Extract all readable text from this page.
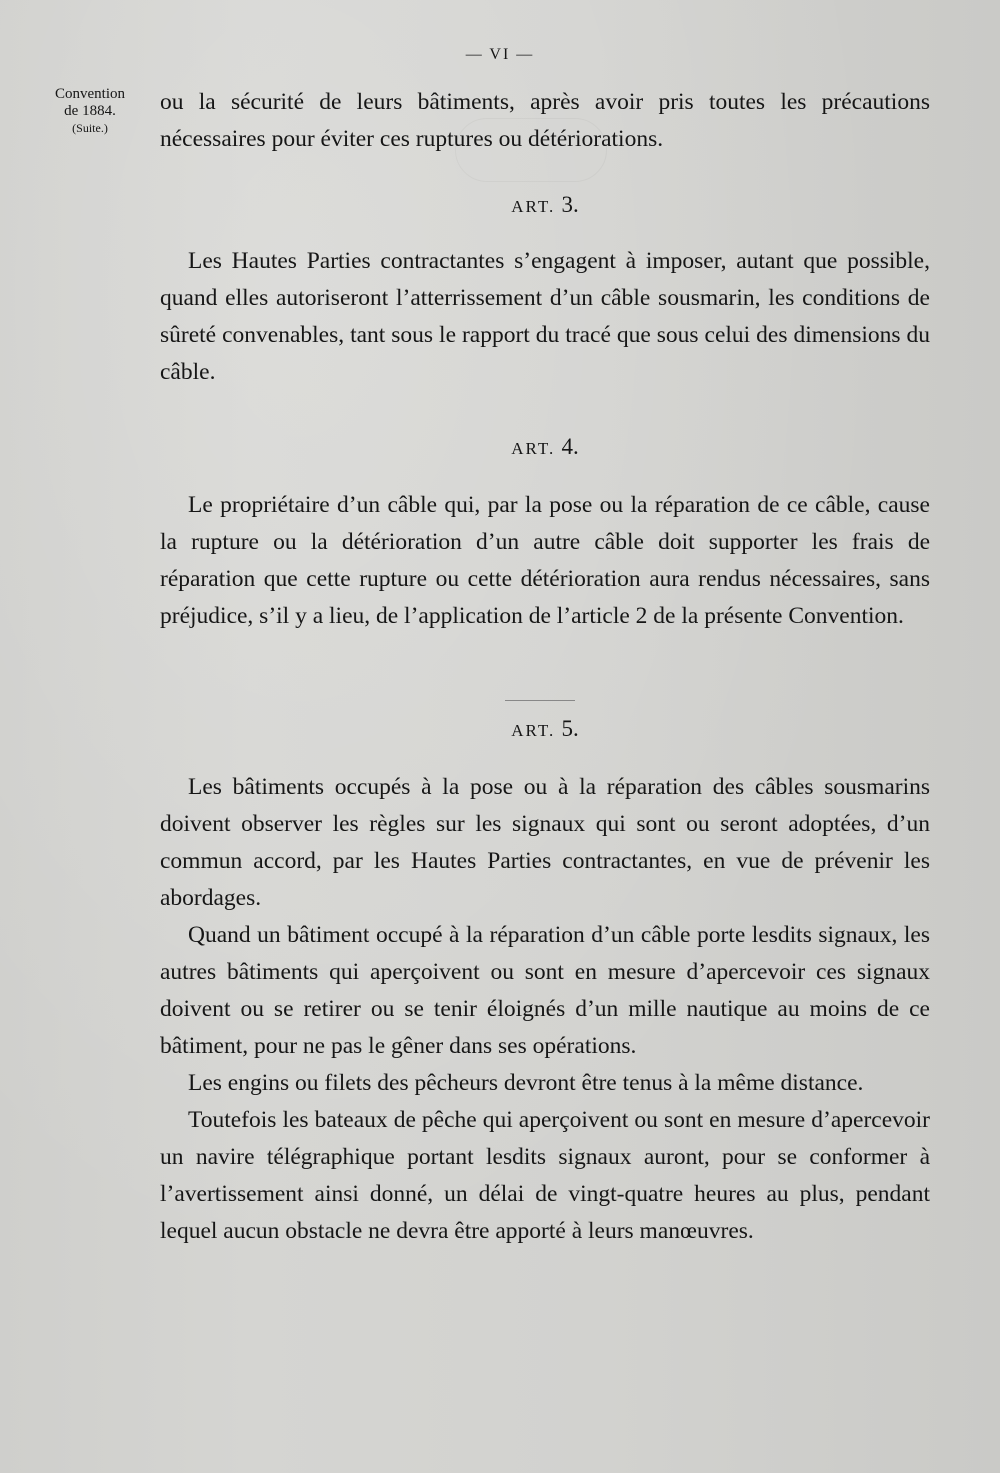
— VI —
Convention
de 1884.
(Suite.)

ou la sécurité de leurs bâtiments, après avoir pris toutes les précautions nécessaires pour éviter ces ruptures ou détériorations.

ART. 3.

Les Hautes Parties contractantes s’engagent à imposer, autant que possible, quand elles autoriseront l’atterrissement d’un câble sousmarin, les conditions de sûreté convenables, tant sous le rapport du tracé que sous celui des dimensions du câble.

ART. 4.

Le propriétaire d’un câble qui, par la pose ou la réparation de ce câble, cause la rupture ou la détérioration d’un autre câble doit supporter les frais de réparation que cette rupture ou cette détérioration aura rendus nécessaires, sans préjudice, s’il y a lieu, de l’application de l’article 2 de la présente Convention.

ART. 5.

Les bâtiments occupés à la pose ou à la réparation des câbles sousmarins doivent observer les règles sur les signaux qui sont ou seront adoptées, d’un commun accord, par les Hautes Parties contractantes, en vue de prévenir les abordages.

Quand un bâtiment occupé à la réparation d’un câble porte lesdits signaux, les autres bâtiments qui aperçoivent ou sont en mesure d’apercevoir ces signaux doivent ou se retirer ou se tenir éloignés d’un mille nautique au moins de ce bâtiment, pour ne pas le gêner dans ses opérations.

Les engins ou filets des pêcheurs devront être tenus à la même distance.

Toutefois les bateaux de pêche qui aperçoivent ou sont en mesure d’apercevoir un navire télégraphique portant lesdits signaux auront, pour se conformer à l’avertissement ainsi donné, un délai de vingt-quatre heures au plus, pendant lequel aucun obstacle ne devra être apporté à leurs manœuvres.
